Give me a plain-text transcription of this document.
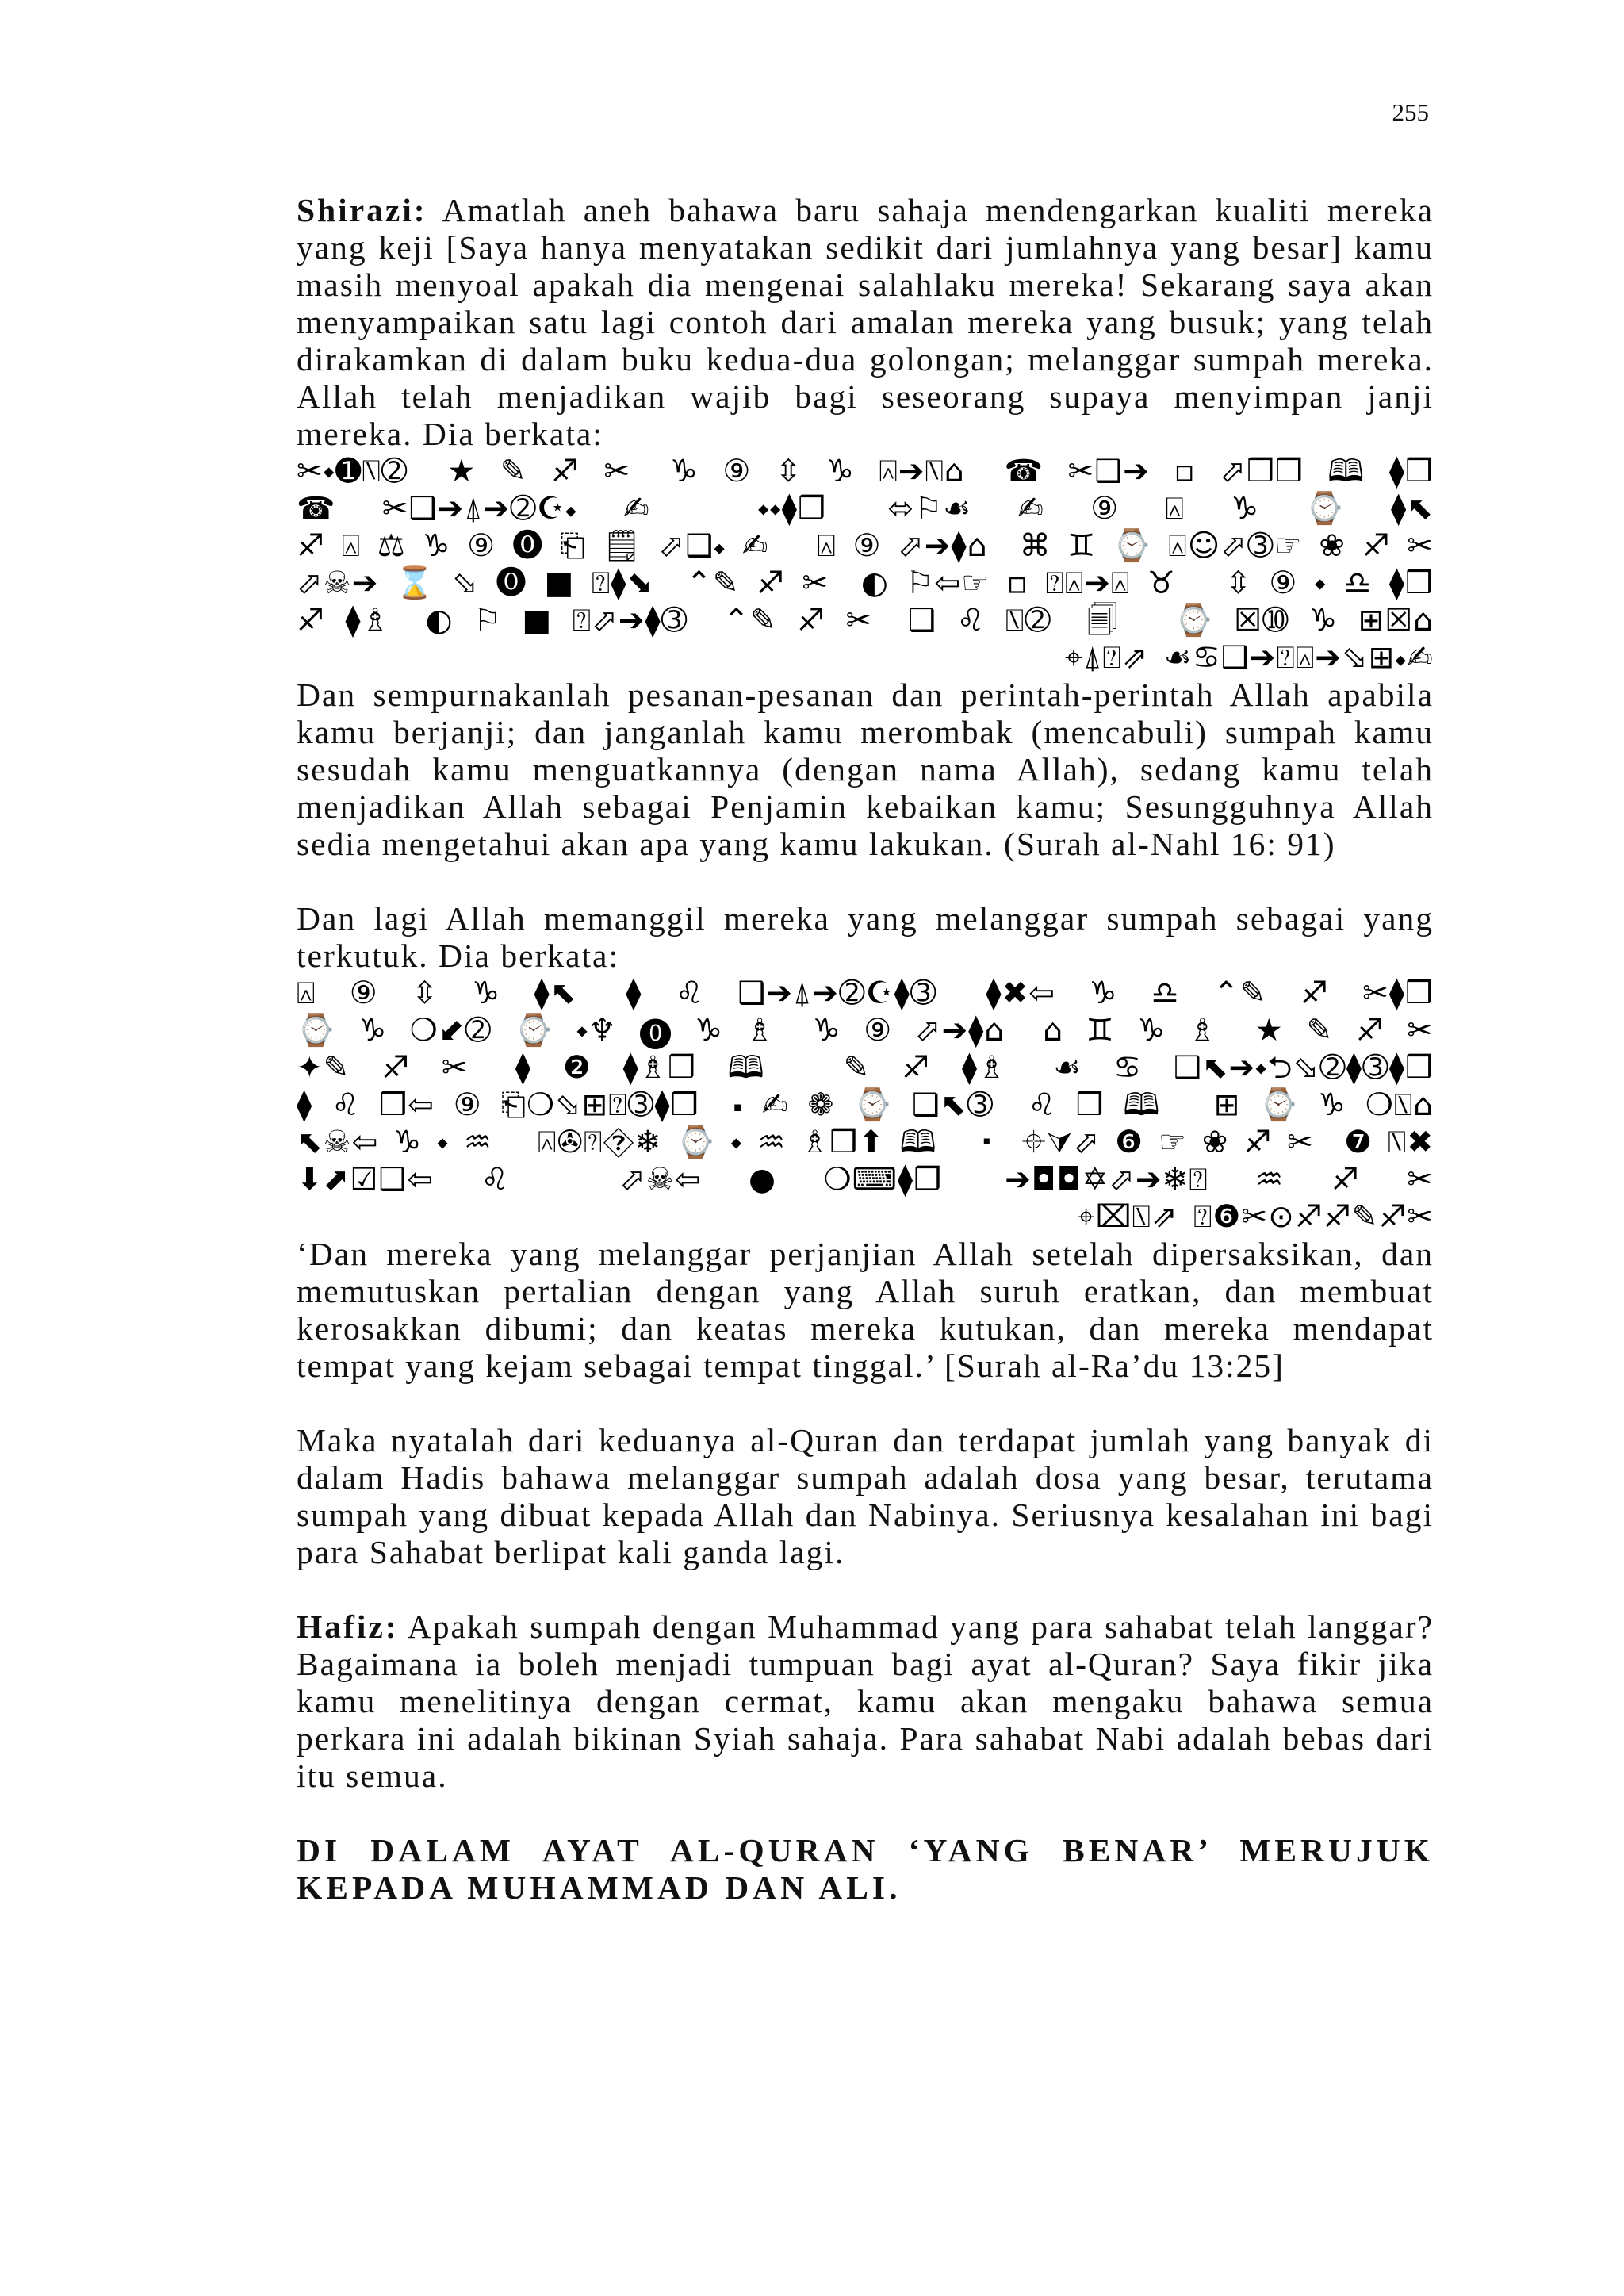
255

Shirazi: Amatlah aneh bahawa baru sahaja mendengarkan kualiti mereka yang keji [Saya hanya menyatakan sedikit dari jumlahnya yang besar] kamu masih menyoal apakah dia mengenai salahlaku mereka! Sekarang saya akan menyampaikan satu lagi contoh dari amalan mereka yang busuk; yang telah dirakamkan di dalam buku kedua-dua golongan; melanggar sumpah mereka. Allah telah menjadikan wajib bagi seseorang supaya menyimpan janji mereka. Dia berkata:

✂⬩➊⍂➁ ★✎♐✂ ♑⑨⇳♑⍓➔⍂⌂ ☎✂❑➔▫⬀❒❒🕮⧫❒
☎✂❑➔⍋➔➁☪⬩✍ ⬩⬩⧫❒ ⬄⚐☙✍⑨⍓♑⌚⧫⬉
♐⍓⚖♑⑨⓿⎗🗒⬀❑⬩✍ ⍓⑨⬀➔⧫⌂ ⌘♊⌚⍓☺⬀➂☞❀♐✂
⬀☠➔⌛⬂⓿■⍰⧫⬊ ⌃✎♐✂ ◐⚐⇦☞▫⍰⍓➔⍓♉ ⇳⑨⬩♎⧫❒
♐⧫♗ ◐⚐■⍰⬀➔⧫➂ ⌃✎♐✂ ❑♌⍂➁ 🗐 ⌚☒➉♑⊞☒⌂
⌖⍋⍰⇗ ☙♋❑➔⍰⍓➔⬂⊞⬩✍

Dan sempurnakanlah pesanan-pesanan dan perintah-perintah Allah apabila kamu berjanji; dan janganlah kamu merombak (mencabuli) sumpah kamu sesudah kamu menguatkannya (dengan nama Allah), sedang kamu telah menjadikan Allah sebagai Penjamin kebaikan kamu; Sesungguhnya Allah sedia mengetahui akan apa yang kamu lakukan. (Surah al-Nahl 16: 91)

Dan lagi Allah memanggil mereka yang melanggar sumpah sebagai yang terkutuk. Dia berkata:

⍓⑨⇳♑⧫⬉ ⧫♌❑➔⍋➔➁☪⧫➂ ⧫✖⇦♑♎⌃✎♐✂⧫❒
⌚♑❍⬋➁⌚⬩♆⓿♑♗ ♑⑨⬀➔⧫⌂ ⌂♊♑♗ ★✎♐✂
✦✎♐✂ ⧫❷⧫♗❒🕮 ✎♐⧫♗ ☙♋❑⬉➔⬩⮌⬂➁⧫➂⧫❒
⧫♌❒⇦⑨⎗❍⬂⊞⍰➂⧫❒ ⬝✍❁⌚❑⬉➂ ♌❒🕮 ⊞⌚♑❍⍂⌂
⬉☠⇦♑⬩♒ ⍓✇⍰⯑❄⌚⬩♒♗❒⬆🕮 ⬝ ⌖⮛⬀❻☞❀♐✂ ❼⍂✖
⬇⬈☑❑⇦♌ ⬀☠⇦●❍⌨⧫❒ ➔◘◘✡⬀➔❄⍰♒♐✂
⌖⌧⍂⇗ ⍰❻✂⊙♐♐✎♐✂

‘Dan mereka yang melanggar perjanjian Allah setelah dipersaksikan, dan memutuskan pertalian dengan yang Allah suruh eratkan, dan membuat kerosakkan dibumi; dan keatas mereka kutukan, dan mereka mendapat tempat yang kejam sebagai tempat tinggal.’ [Surah al-Ra’du 13:25]

Maka nyatalah dari keduanya al-Quran dan terdapat jumlah yang banyak di dalam Hadis bahawa melanggar sumpah adalah dosa yang besar, terutama sumpah yang dibuat kepada Allah dan Nabinya. Seriusnya kesalahan ini bagi para Sahabat berlipat kali ganda lagi.

Hafiz: Apakah sumpah dengan Muhammad yang para sahabat telah langgar? Bagaimana ia boleh menjadi tumpuan bagi ayat al-Quran? Saya fikir jika kamu menelitinya dengan cermat, kamu akan mengaku bahawa semua perkara ini adalah bikinan Syiah sahaja. Para sahabat Nabi adalah bebas dari itu semua.

DI DALAM AYAT AL-QURAN ‘YANG BENAR’ MERUJUK
KEPADA MUHAMMAD DAN ALI.
